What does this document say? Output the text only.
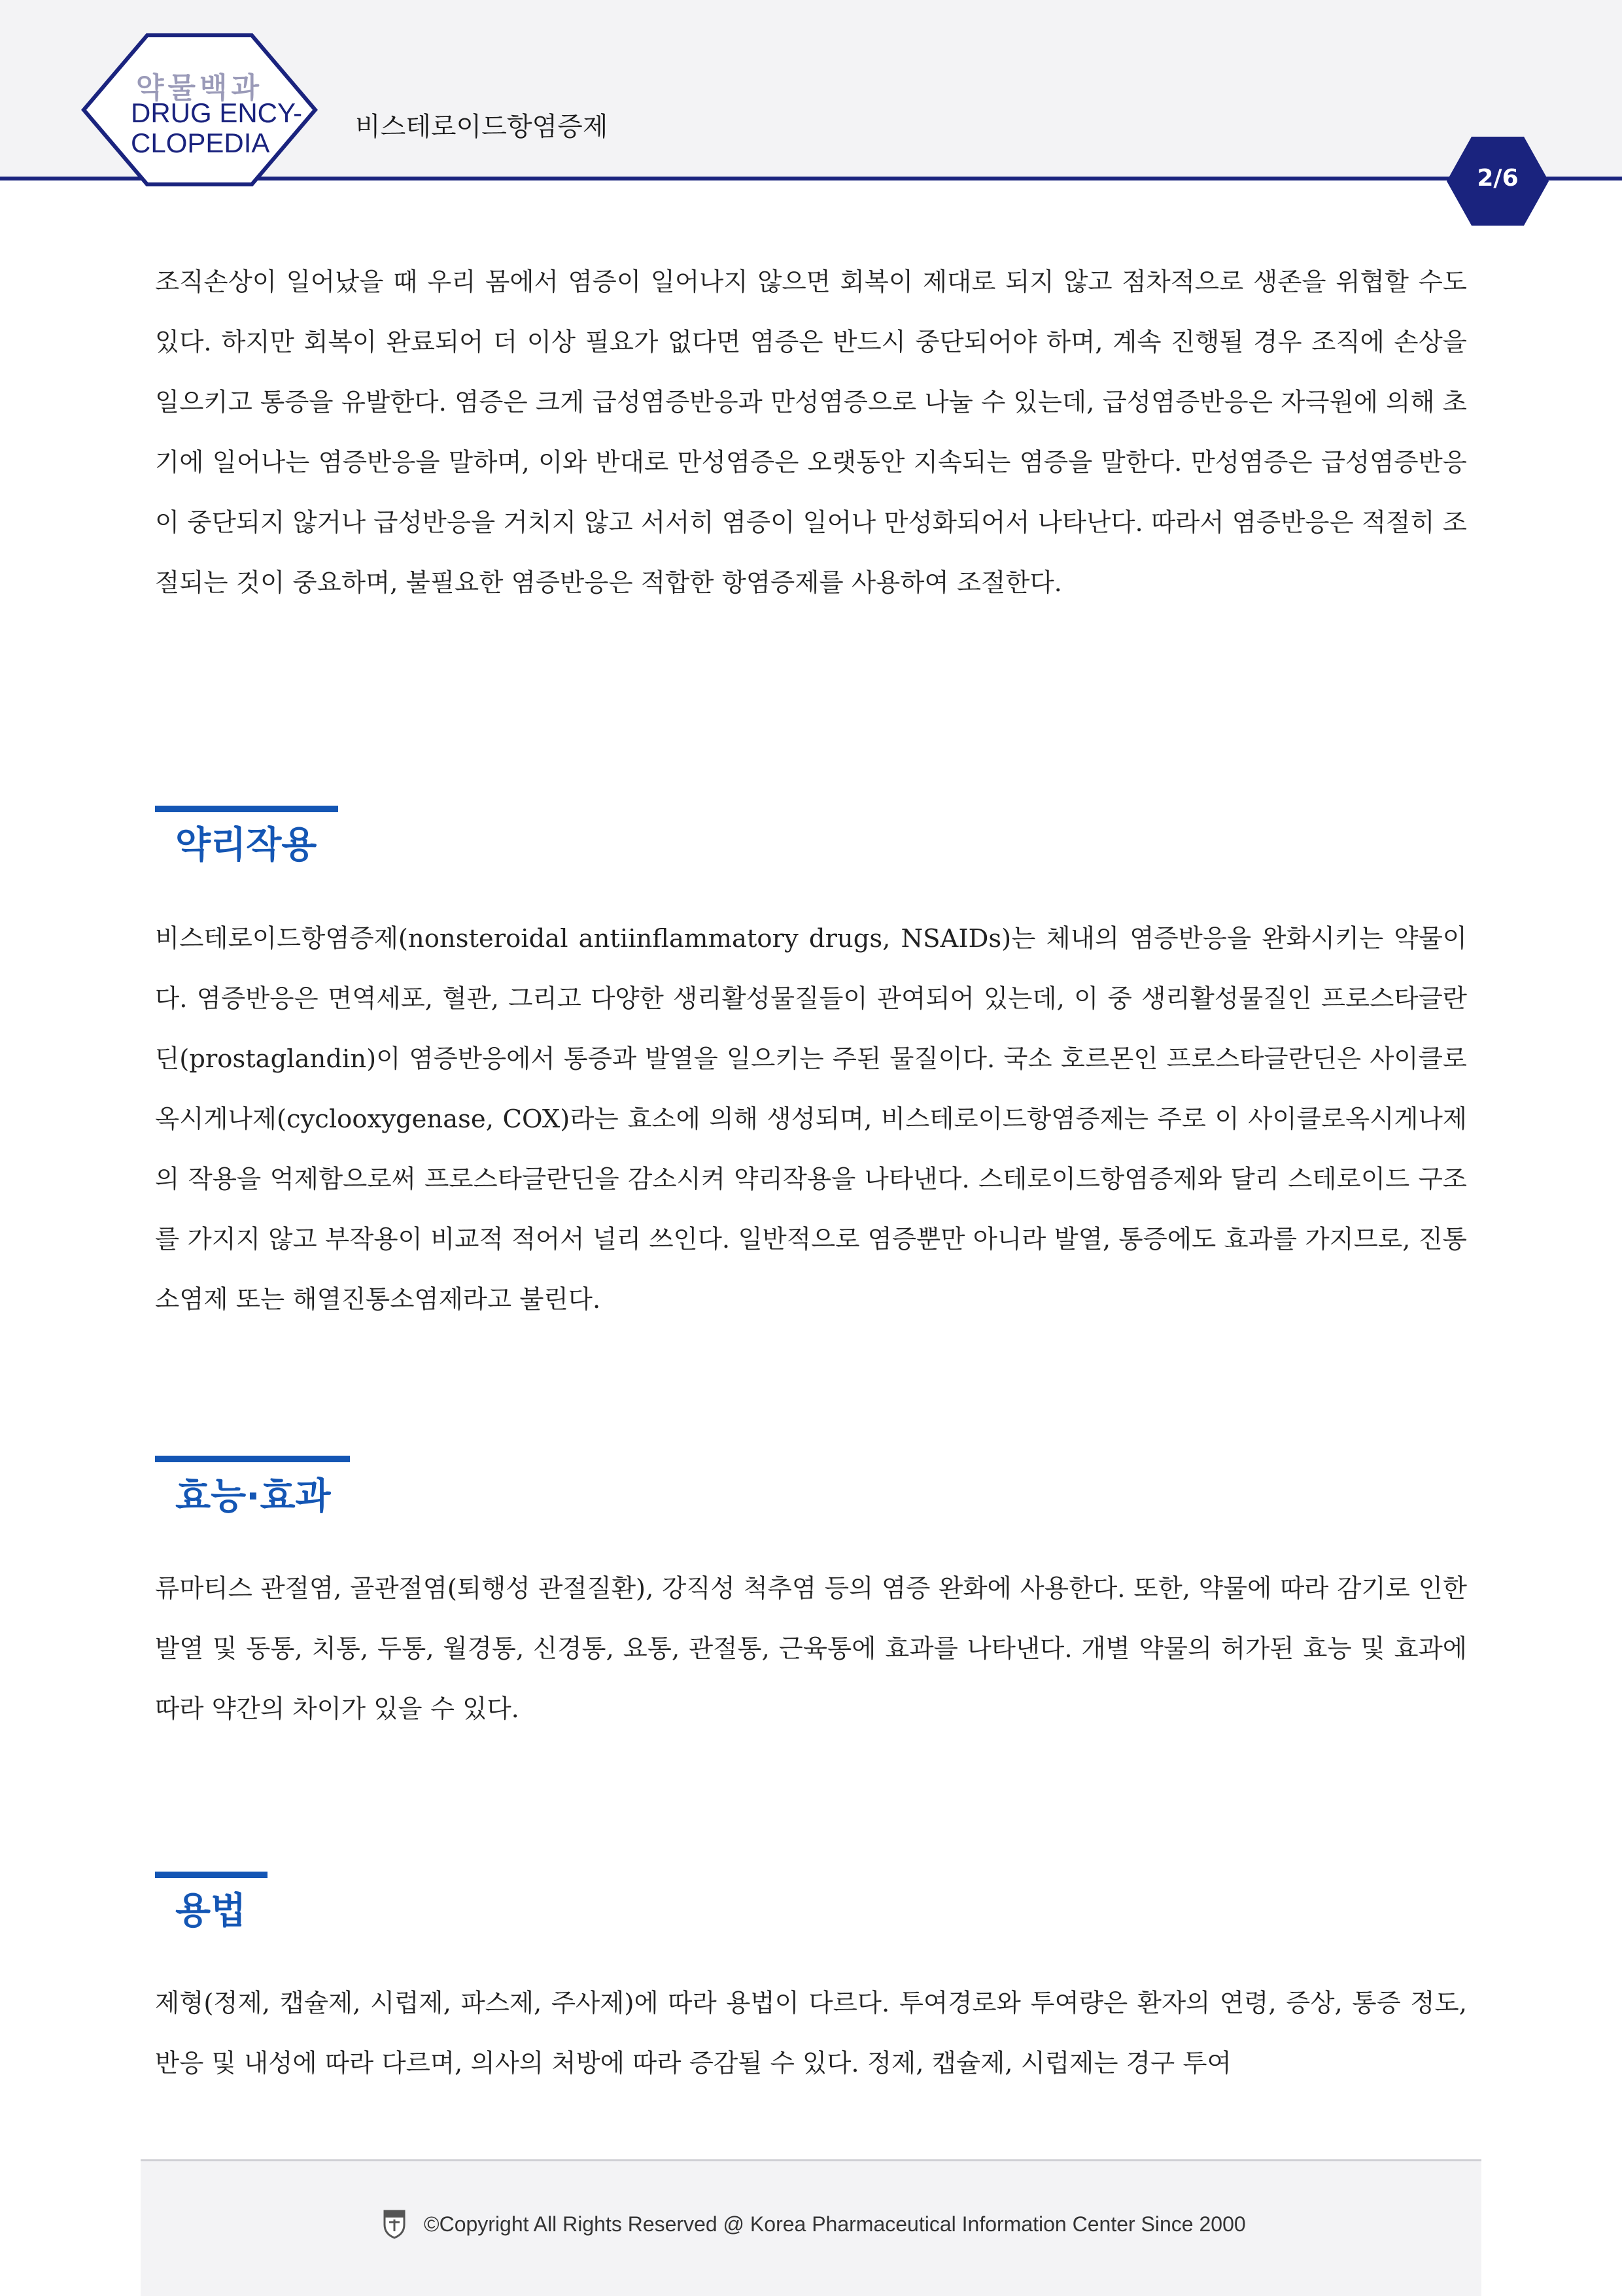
약물백과
DRUG ENCY-
CLOPEDIA
비스테로이드항염증제
2/6

조직손상이 일어났을 때 우리 몸에서 염증이 일어나지 않으면 회복이 제대로 되지 않고 점차적으로 생존을 위협할 수도 있다. 하지만 회복이 완료되어 더 이상 필요가 없다면 염증은 반드시 중단되어야 하며, 계속 진행될 경우 조직에 손상을 일으키고 통증을 유발한다. 염증은 크게 급성염증반응과 만성염증으로 나눌 수 있는데, 급성염증반응은 자극원에 의해 초기에 일어나는 염증반응을 말하며, 이와 반대로 만성염증은 오랫동안 지속되는 염증을 말한다. 만성염증은 급성염증반응이 중단되지 않거나 급성반응을 거치지 않고 서서히 염증이 일어나 만성화되어서 나타난다. 따라서 염증반응은 적절히 조절되는 것이 중요하며, 불필요한 염증반응은 적합한 항염증제를 사용하여 조절한다.

약리작용

비스테로이드항염증제(nonsteroidal antiinflammatory drugs, NSAIDs)는 체내의 염증반응을 완화시키는 약물이다. 염증반응은 면역세포, 혈관, 그리고 다양한 생리활성물질들이 관여되어 있는데, 이 중 생리활성물질인 프로스타글란딘(prostaglandin)이 염증반응에서 통증과 발열을 일으키는 주된 물질이다. 국소 호르몬인 프로스타글란딘은 사이클로옥시게나제(cyclooxygenase, COX)라는 효소에 의해 생성되며, 비스테로이드항염증제는 주로 이 사이클로옥시게나제의 작용을 억제함으로써 프로스타글란딘을 감소시켜 약리작용을 나타낸다. 스테로이드항염증제와 달리 스테로이드 구조를 가지지 않고 부작용이 비교적 적어서 널리 쓰인다. 일반적으로 염증뿐만 아니라 발열, 통증에도 효과를 가지므로, 진통소염제 또는 해열진통소염제라고 불린다.

효능·효과

류마티스 관절염, 골관절염(퇴행성 관절질환), 강직성 척추염 등의 염증 완화에 사용한다. 또한, 약물에 따라 감기로 인한 발열 및 동통, 치통, 두통, 월경통, 신경통, 요통, 관절통, 근육통에 효과를 나타낸다. 개별 약물의 허가된 효능 및 효과에 따라 약간의 차이가 있을 수 있다.

용법

제형(정제, 캡슐제, 시럽제, 파스제, 주사제)에 따라 용법이 다르다. 투여경로와 투여량은 환자의 연령, 증상, 통증 정도, 반응 및 내성에 따라 다르며, 의사의 처방에 따라 증감될 수 있다. 정제, 캡슐제, 시럽제는 경구 투여

©Copyright All Rights Reserved @ Korea Pharmaceutical Information Center Since 2000
